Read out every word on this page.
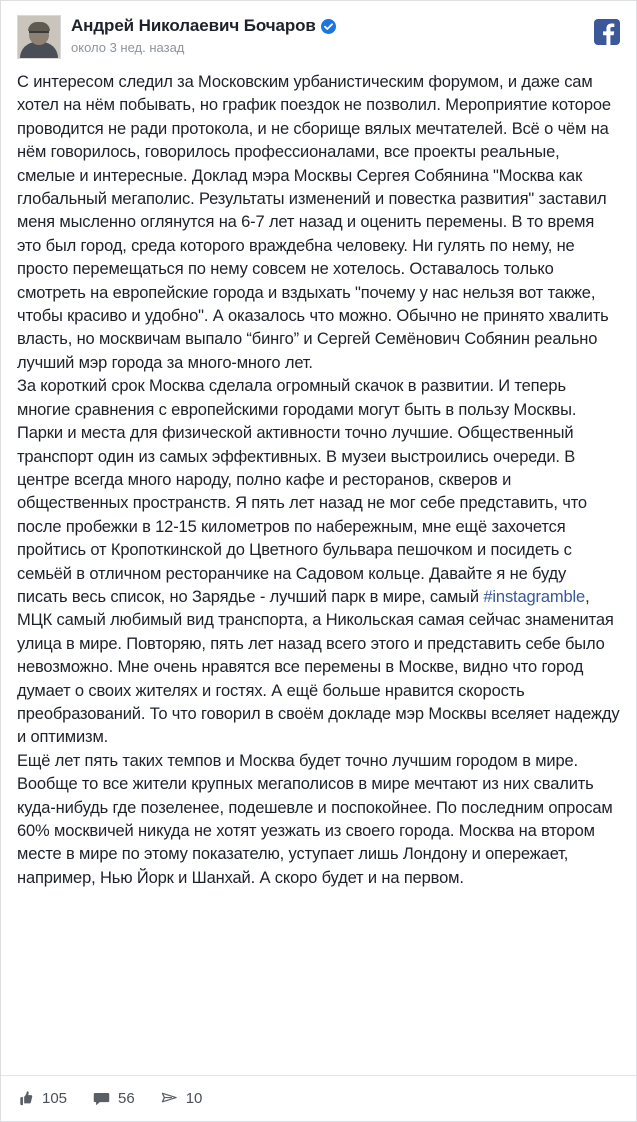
Андрей Николаевич Бочаров
около 3 нед. назад

С интересом следил за Московским урбанистическим форумом, и даже сам хотел на нём побывать, но график поездок не позволил. Мероприятие которое проводится не ради протокола, и не сборище вялых мечтателей. Всё о чём на нём говорилось, говорилось профессионалами, все проекты реальные, смелые и интересные. Доклад мэра Москвы Сергея Собянина "Москва как глобальный мегаполис. Результаты изменений и повестка развития" заставил меня мысленно оглянутся на 6-7 лет назад и оценить перемены. В то время это был город, среда которого враждебна человеку. Ни гулять по нему, не просто перемещаться по нему совсем не хотелось. Оставалось только смотреть на европейские города и вздыхать "почему у нас нельзя вот также, чтобы красиво и удобно". А оказалось что можно. Обычно не принято хвалить власть, но москвичам выпало “бинго” и Сергей Семёнович Собянин реально лучший мэр города за много-много лет.

За короткий срок Москва сделала огромный скачок в развитии. И теперь многие сравнения с европейскими городами могут быть в пользу Москвы. Парки и места для физической активности точно лучшие. Общественный транспорт один из самых эффективных. В музеи выстроились очереди. В центре всегда много народу, полно кафе и ресторанов, скверов и общественных пространств. Я пять лет назад не мог себе представить, что после пробежки в 12-15 километров по набережным, мне ещё захочется пройтись от Кропоткинской до Цветного бульвара пешочком и посидеть с семьёй в отличном ресторанчике на Садовом кольце. Давайте я не буду писать весь список, но Зарядье - лучший парк в мире, самый #instagramble, МЦК самый любимый вид транспорта, а Никольская самая сейчас знаменитая улица в мире. Повторяю, пять лет назад всего этого и представить себе было невозможно. Мне очень нравятся все перемены в Москве, видно что город думает о своих жителях и гостях. А ещё больше нравится скорость преобразований. То что говорил в своём докладе мэр Москвы вселяет надежду и оптимизм.

Ещё лет пять таких темпов и Москва будет точно лучшим городом в мире. Вообще то все жители крупных мегаполисов в мире мечтают из них свалить куда-нибудь где позеленее, подешевле и поспокойнее. По последним опросам 60% москвичей никуда не хотят уезжать из своего города. Москва на втором месте в мире по этому показателю, уступает лишь Лондону и опережает, например, Нью Йорк и Шанхай. А скоро будет и на первом.

105	56	10
